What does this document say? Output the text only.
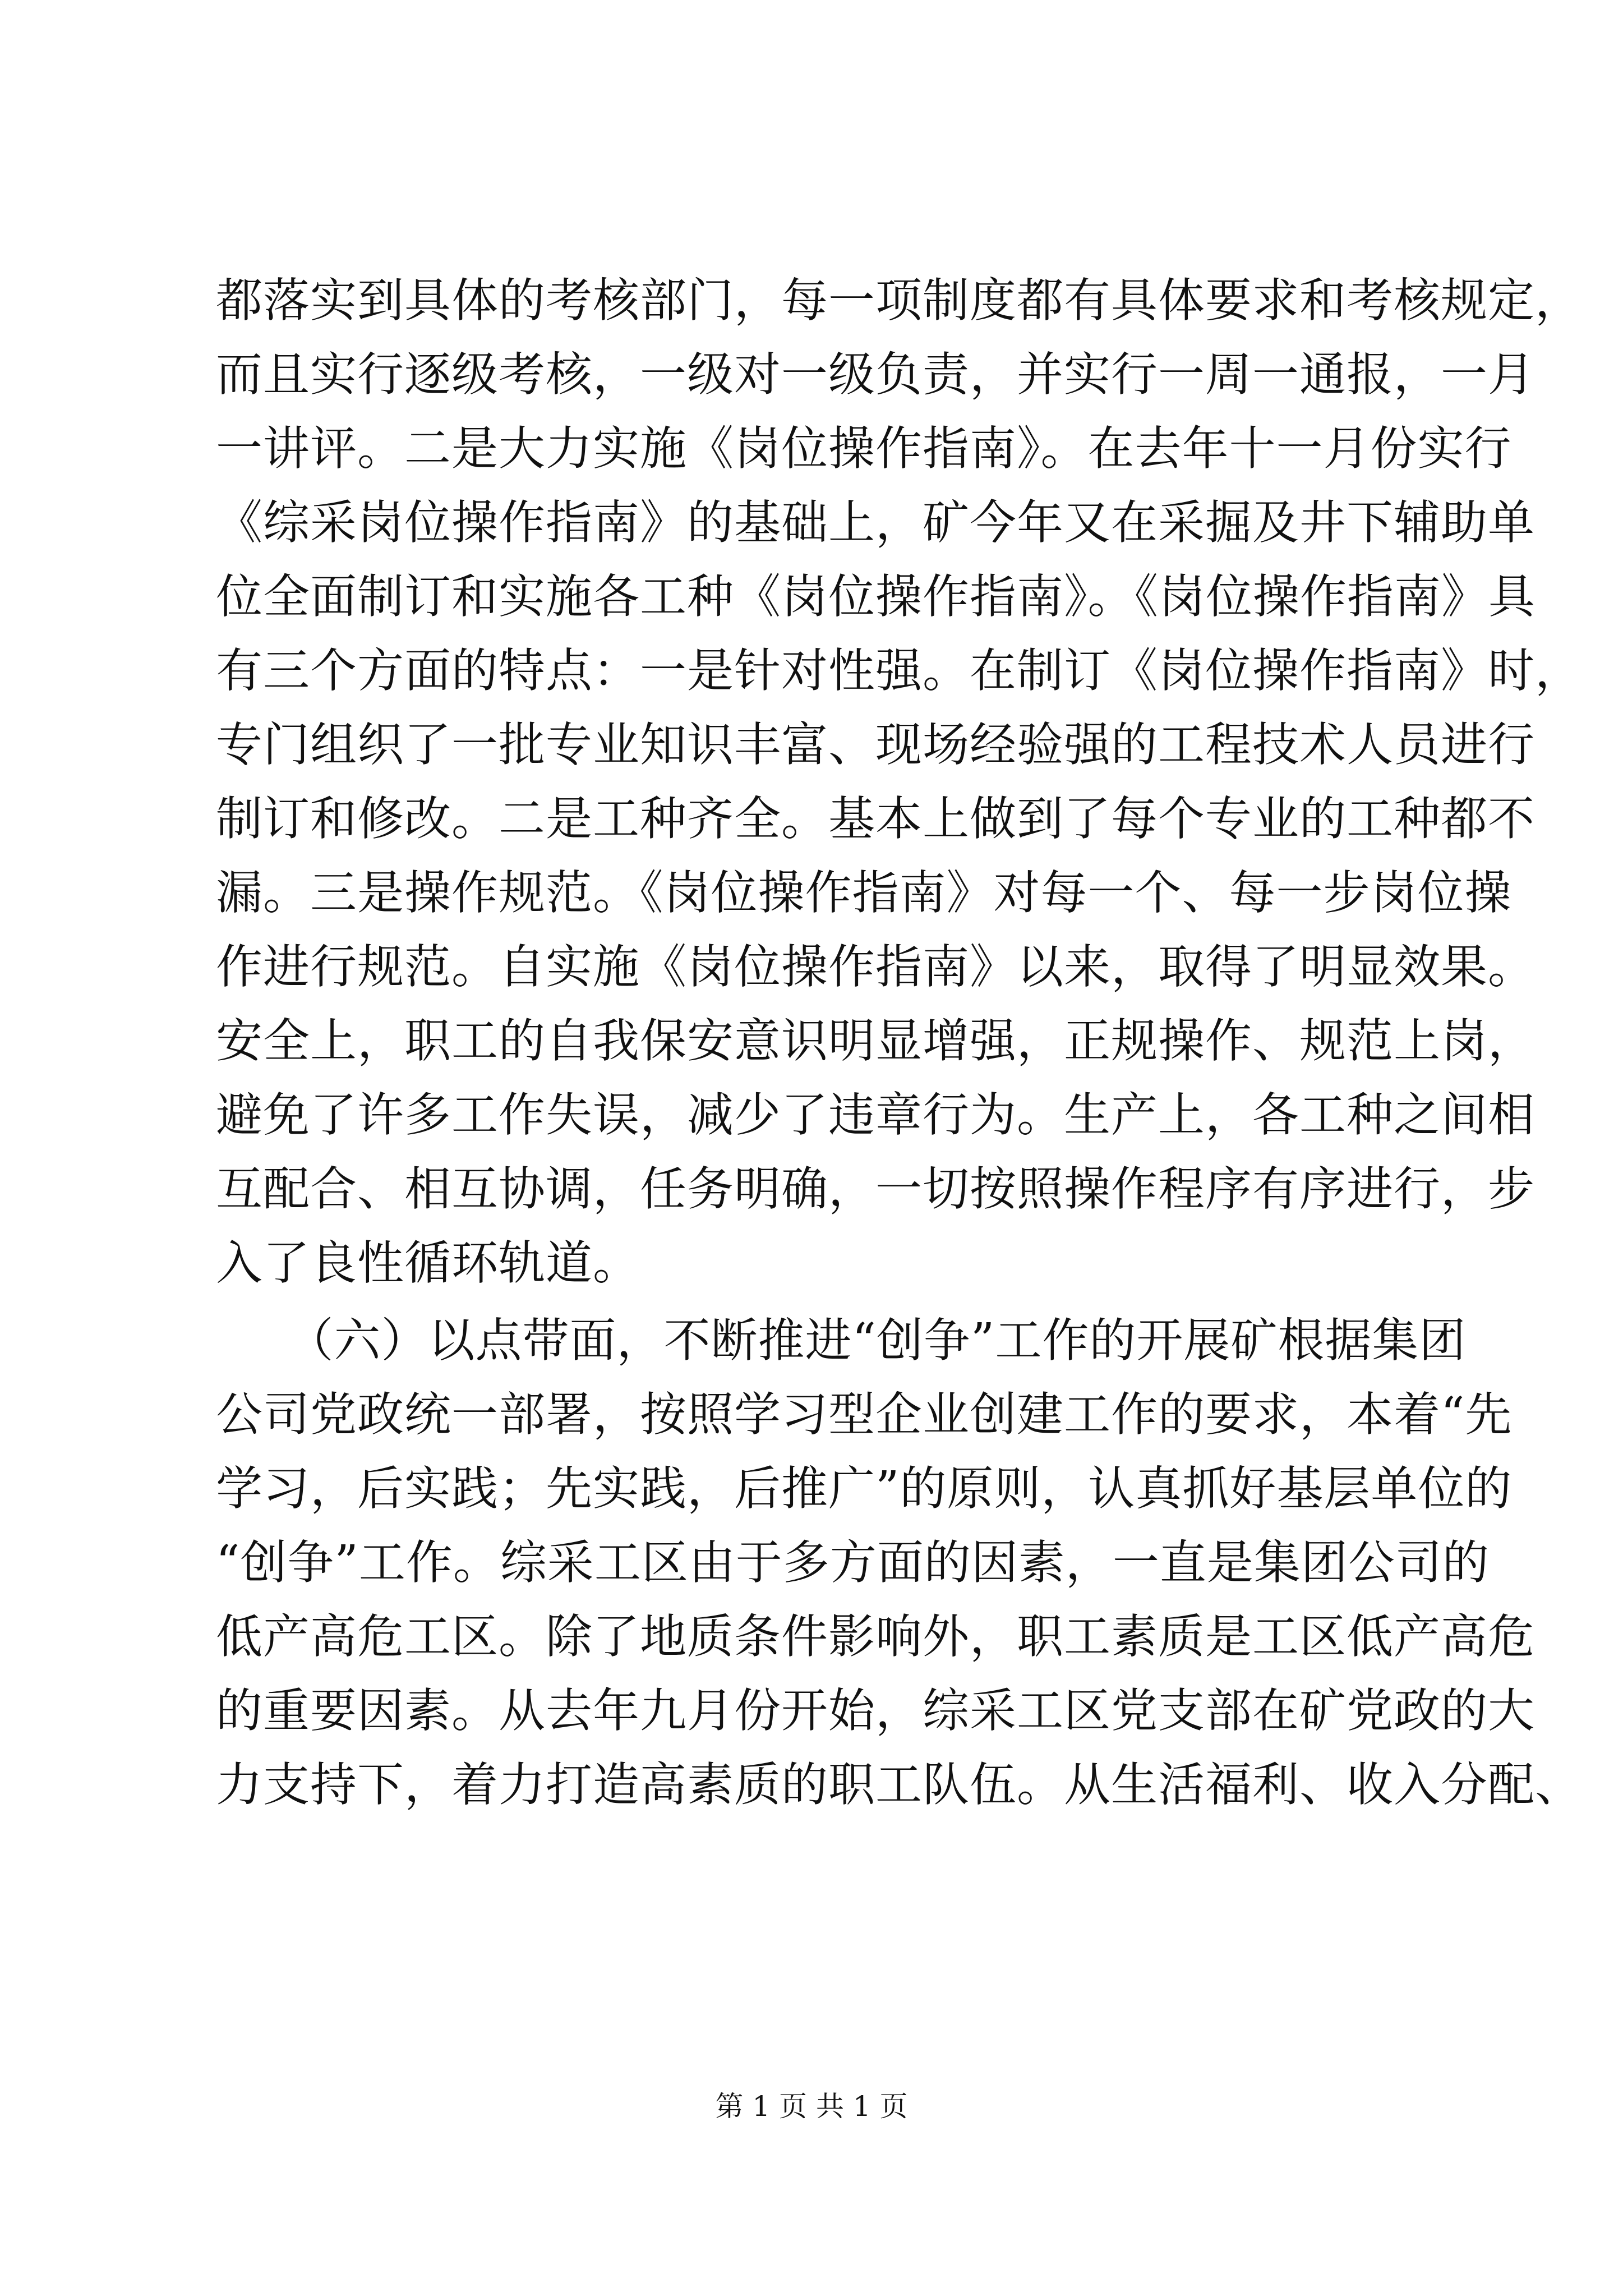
都落实到具体的考核部门，每一项制度都有具体要求和考核规定，
而且实行逐级考核，一级对一级负责，并实行一周一通报，一月
一讲评。二是大力实施《岗位操作指南》。在去年十一月份实行
《综采岗位操作指南》的基础上，矿今年又在采掘及井下辅助单
位全面制订和实施各工种《岗位操作指南》。《岗位操作指南》具
有三个方面的特点：一是针对性强。在制订《岗位操作指南》时，
专门组织了一批专业知识丰富、现场经验强的工程技术人员进行
制订和修改。二是工种齐全。基本上做到了每个专业的工种都不
漏。三是操作规范。《岗位操作指南》对每一个、每一步岗位操
作进行规范。自实施《岗位操作指南》以来，取得了明显效果。
安全上，职工的自我保安意识明显增强，正规操作、规范上岗，
避免了许多工作失误，减少了违章行为。生产上，各工种之间相
互配合、相互协调，任务明确，一切按照操作程序有序进行，步
入了良性循环轨道。
　　（六）以点带面，不断推进“创争”工作的开展矿根据集团
公司党政统一部署，按照学习型企业创建工作的要求，本着“先
学习，后实践；先实践，后推广”的原则，认真抓好基层单位的
“创争”工作。综采工区由于多方面的因素，一直是集团公司的
低产高危工区。除了地质条件影响外，职工素质是工区低产高危
的重要因素。从去年九月份开始，综采工区党支部在矿党政的大
力支持下，着力打造高素质的职工队伍。从生活福利、收入分配、
第 1 页 共 1 页
